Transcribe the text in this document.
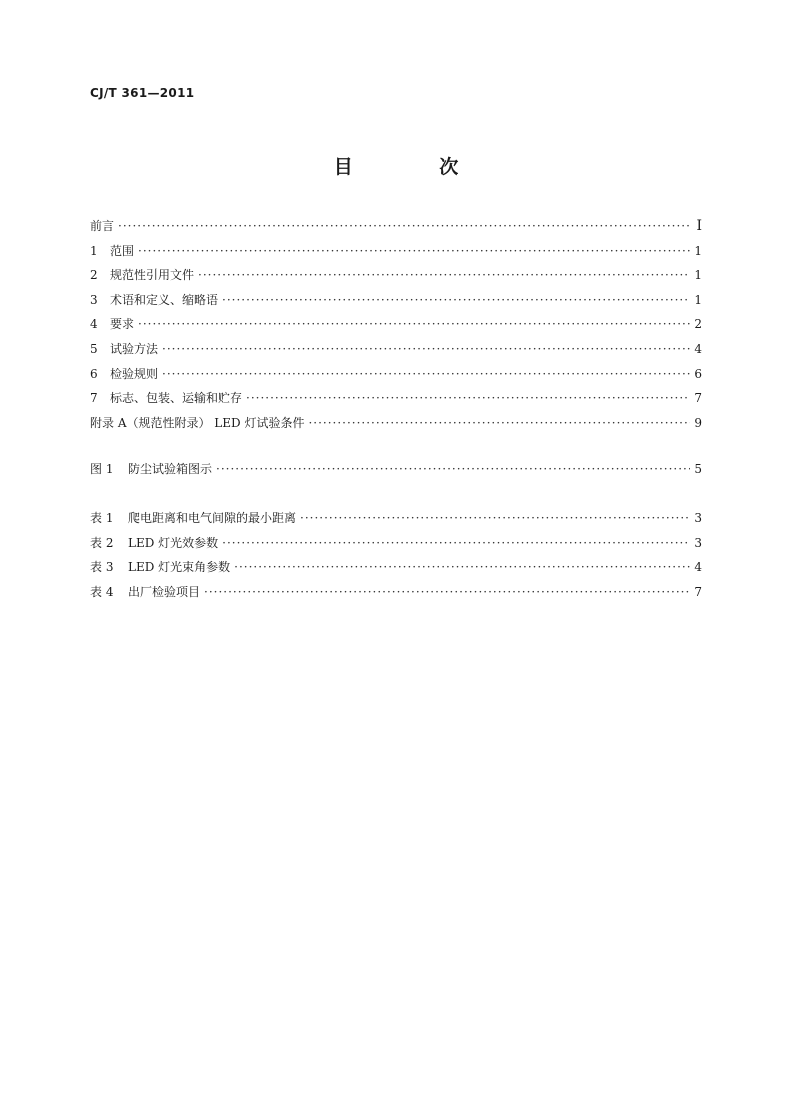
CJ/T 361—2011
目 次
前言 ·····	Ⅰ
1	范围 ·····	1
2	规范性引用文件 ·····	1
3	术语和定义、缩略语 ·····	1
4	要求 ·····	2
5	试验方法 ·····	4
6	检验规则 ·····	6
7	标志、包装、运输和贮存 ·····	7
附录 A（规范性附录） LED 灯试验条件 ·····	9
图 1	防尘试验箱图示 ·····	5
表 1	爬电距离和电气间隙的最小距离 ·····	3
表 2	LED 灯光效参数 ·····	3
表 3	LED 灯光束角参数 ·····	4
表 4	出厂检验项目 ·····	7
